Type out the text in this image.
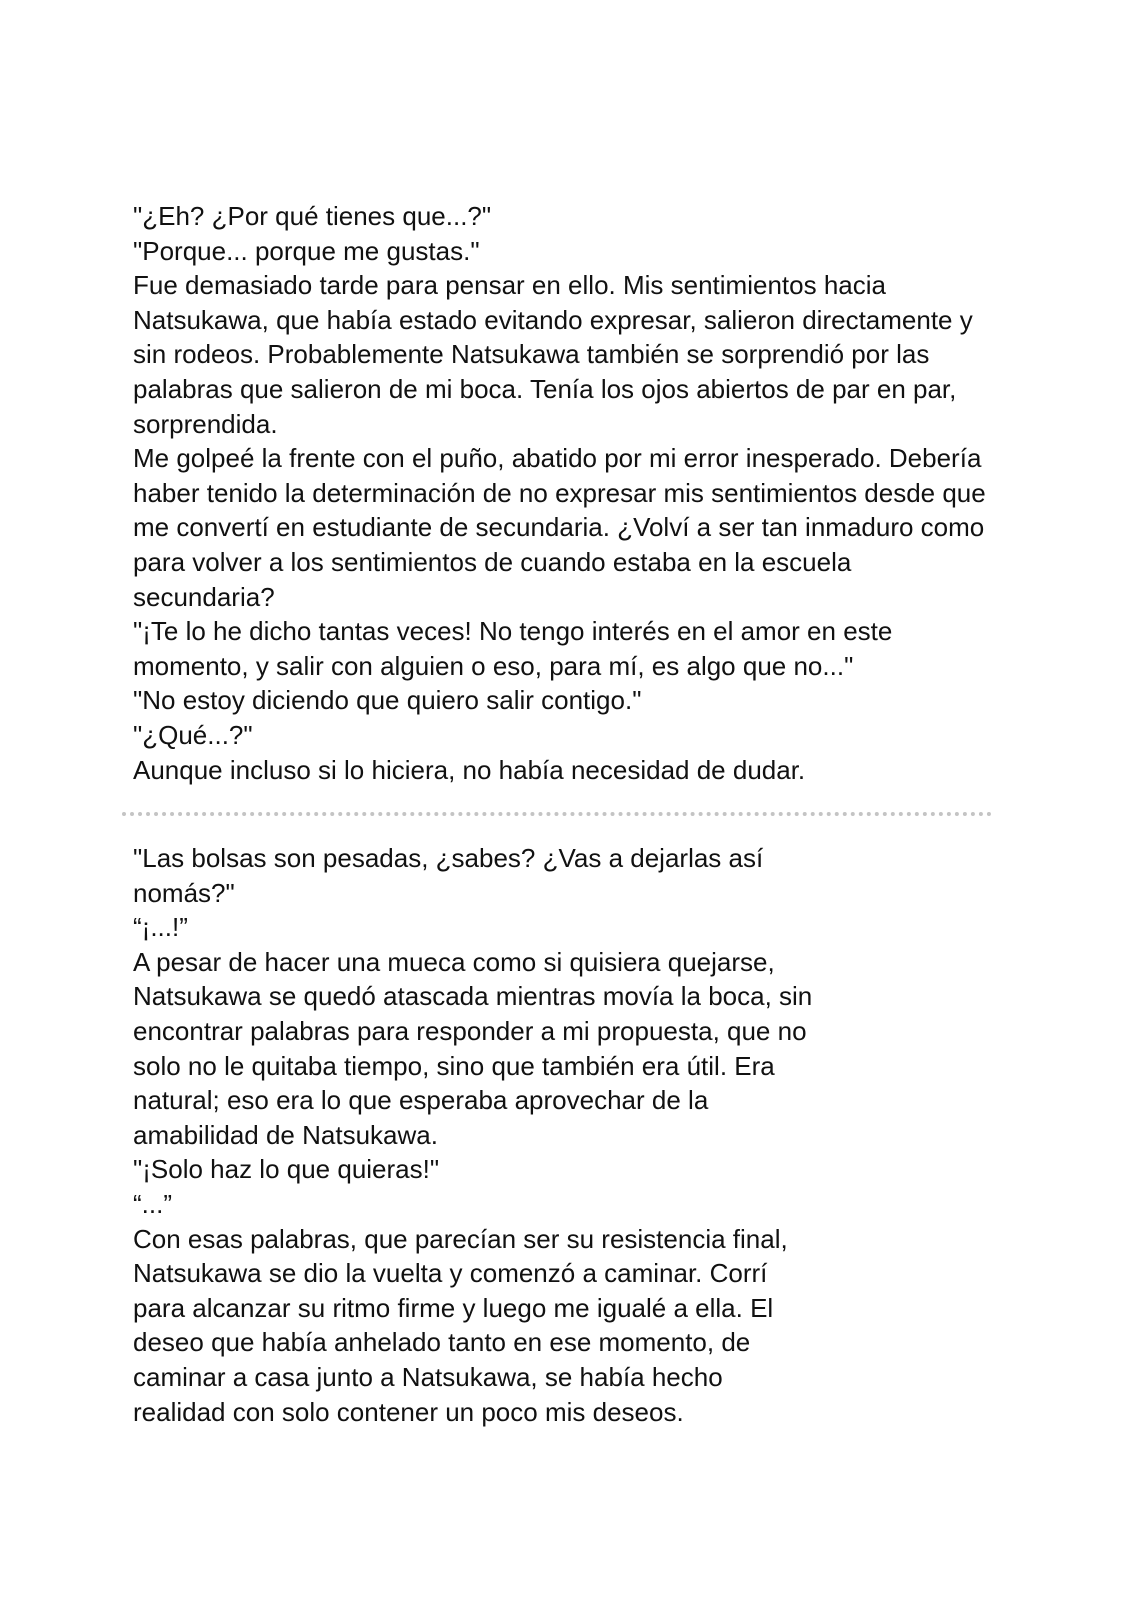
"¿Eh? ¿Por qué tienes que...?"

"Porque... porque me gustas."

Fue demasiado tarde para pensar en ello. Mis sentimientos hacia

Natsukawa, que había estado evitando expresar, salieron directamente y

sin rodeos. Probablemente Natsukawa también se sorprendió por las

palabras que salieron de mi boca. Tenía los ojos abiertos de par en par,

sorprendida.

Me golpeé la frente con el puño, abatido por mi error inesperado. Debería

haber tenido la determinación de no expresar mis sentimientos desde que

me convertí en estudiante de secundaria. ¿Volví a ser tan inmaduro como

para volver a los sentimientos de cuando estaba en la escuela

secundaria?

"¡Te lo he dicho tantas veces! No tengo interés en el amor en este

momento, y salir con alguien o eso, para mí, es algo que no..."

"No estoy diciendo que quiero salir contigo."

"¿Qué...?"

Aunque incluso si lo hiciera, no había necesidad de dudar.

"Las bolsas son pesadas, ¿sabes? ¿Vas a dejarlas así

nomás?"

“¡...!”

A pesar de hacer una mueca como si quisiera quejarse,

Natsukawa se quedó atascada mientras movía la boca, sin

encontrar palabras para responder a mi propuesta, que no

solo no le quitaba tiempo, sino que también era útil. Era

natural; eso era lo que esperaba aprovechar de la

amabilidad de Natsukawa.

"¡Solo haz lo que quieras!"

“...”

Con esas palabras, que parecían ser su resistencia final,

Natsukawa se dio la vuelta y comenzó a caminar. Corrí

para alcanzar su ritmo firme y luego me igualé a ella. El

deseo que había anhelado tanto en ese momento, de

caminar a casa junto a Natsukawa, se había hecho

realidad con solo contener un poco mis deseos.
